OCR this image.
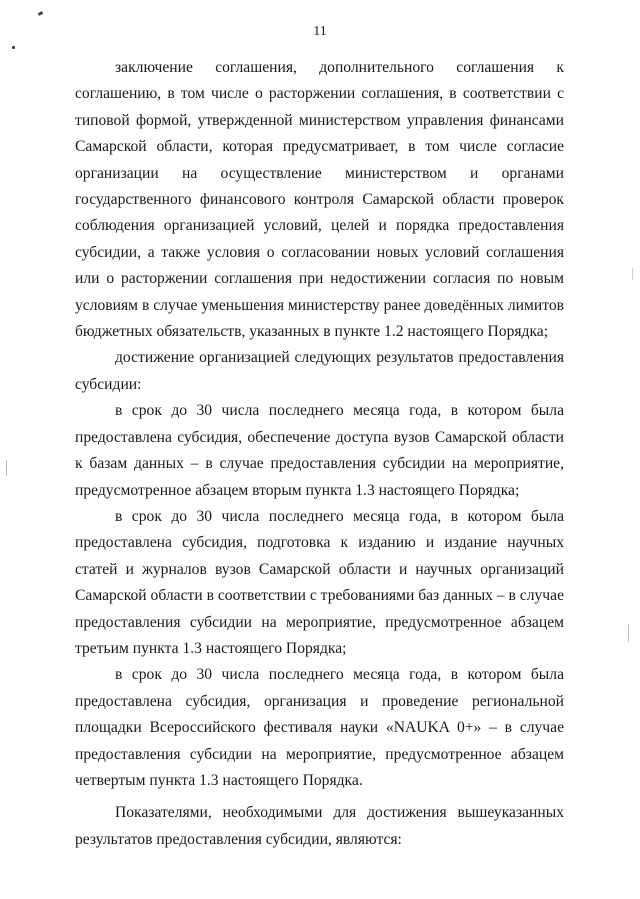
11

заключение соглашения, дополнительного соглашения к соглашению, в том числе о расторжении соглашения, в соответствии с типовой формой, утвержденной министерством управления финансами Самарской области, которая предусматривает, в том числе согласие организации на осуществление министерством и органами государственного финансового контроля Самарской области проверок соблюдения организацией условий, целей и порядка предоставления субсидии, а также условия о согласовании новых условий соглашения или о расторжении соглашения при недостижении согласия по новым условиям в случае уменьшения министерству ранее доведённых лимитов бюджетных обязательств, указанных в пункте 1.2 настоящего Порядка;

достижение организацией следующих результатов предоставления субсидии:

в срок до 30 числа последнего месяца года, в котором была предоставлена субсидия, обеспечение доступа вузов Самарской области к базам данных – в случае предоставления субсидии на мероприятие, предусмотренное абзацем вторым пункта 1.3 настоящего Порядка;

в срок до 30 числа последнего месяца года, в котором была предоставлена субсидия, подготовка к изданию и издание научных статей и журналов вузов Самарской области и научных организаций Самарской области в соответствии с требованиями баз данных – в случае предоставления субсидии на мероприятие, предусмотренное абзацем третьим пункта 1.3 настоящего Порядка;

в срок до 30 числа последнего месяца года, в котором была предоставлена субсидия, организация и проведение региональной площадки Всероссийского фестиваля науки «NAUKA 0+» – в случае предоставления субсидии на мероприятие, предусмотренное абзацем четвертым пункта 1.3 настоящего Порядка.

Показателями, необходимыми для достижения вышеуказанных результатов предоставления субсидии, являются:
